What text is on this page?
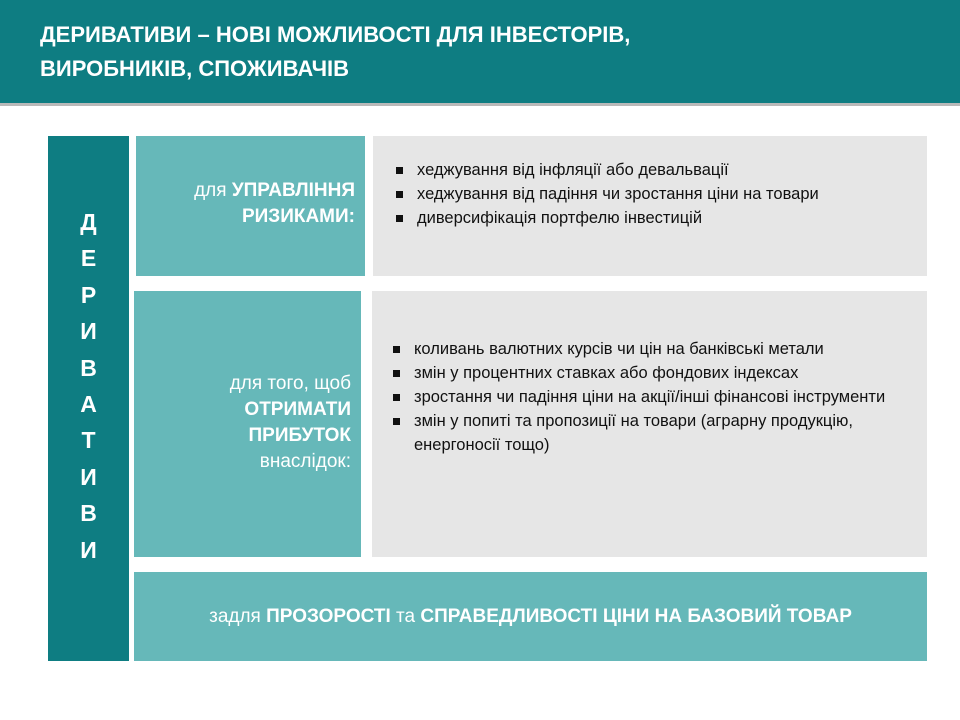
ДЕРИВАТИВИ – НОВІ МОЖЛИВОСТІ ДЛЯ ІНВЕСТОРІВ,
ВИРОБНИКІВ, СПОЖИВАЧІВ
Д
Е
Р
И
В
А
Т
И
В
И
для УПРАВЛІННЯ
РИЗИКАМИ:
хеджування від інфляції або девальвації
хеджування від падіння чи зростання ціни на товари
диверсифікація портфелю інвестицій
для того, щоб
ОТРИМАТИ
ПРИБУТОК
внаслідок:
коливань валютних курсів чи цін на банківські метали
змін у процентних ставках або фондових індексах
зростання чи падіння ціни на акції/інші фінансові інструменти
змін у попиті та пропозиції на товари (аграрну продукцію, енергоносії тощо)
задля ПРОЗОРОСТІ та СПРАВЕДЛИВОСТІ ЦІНИ НА БАЗОВИЙ ТОВАР
